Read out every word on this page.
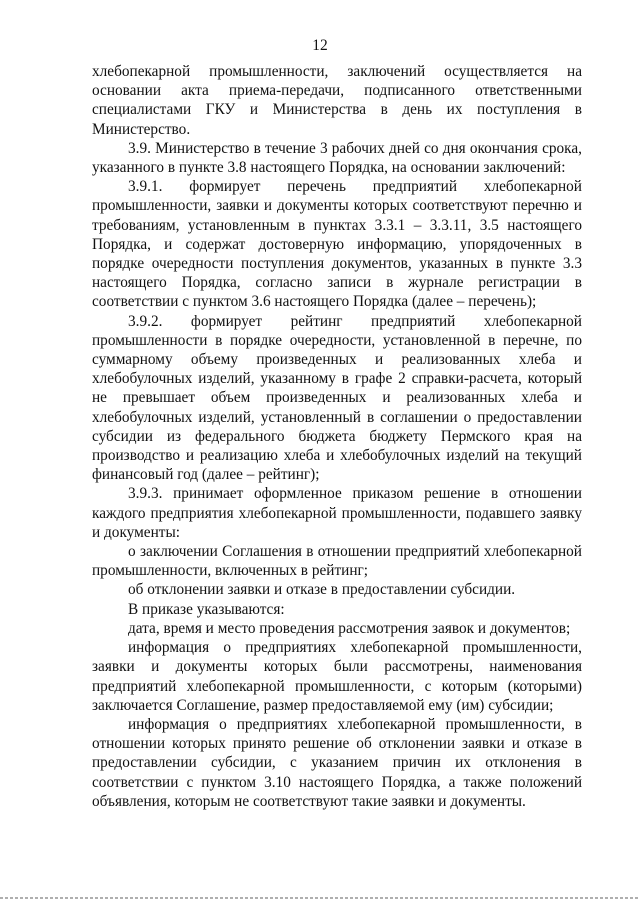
12

хлебопекарной промышленности, заключений осуществляется на основании акта приема-передачи, подписанного ответственными специалистами ГКУ и Министерства в день их поступления в Министерство.

3.9. Министерство в течение 3 рабочих дней со дня окончания срока, указанного в пункте 3.8 настоящего Порядка, на основании заключений:

3.9.1. формирует перечень предприятий хлебопекарной промышленности, заявки и документы которых соответствуют перечню и требованиям, установленным в пунктах 3.3.1 – 3.3.11, 3.5 настоящего Порядка, и содержат достоверную информацию, упорядоченных в порядке очередности поступления документов, указанных в пункте 3.3 настоящего Порядка, согласно записи в журнале регистрации в соответствии с пунктом 3.6 настоящего Порядка (далее – перечень);

3.9.2. формирует рейтинг предприятий хлебопекарной промышленности в порядке очередности, установленной в перечне, по суммарному объему произведенных и реализованных хлеба и хлебобулочных изделий, указанному в графе 2 справки-расчета, который не превышает объем произведенных и реализованных хлеба и хлебобулочных изделий, установленный в соглашении о предоставлении субсидии из федерального бюджета бюджету Пермского края на производство и реализацию хлеба и хлебобулочных изделий на текущий финансовый год (далее – рейтинг);

3.9.3. принимает оформленное приказом решение в отношении каждого предприятия хлебопекарной промышленности, подавшего заявку и документы:

о заключении Соглашения в отношении предприятий хлебопекарной промышленности, включенных в рейтинг;

об отклонении заявки и отказе в предоставлении субсидии.

В приказе указываются:

дата, время и место проведения рассмотрения заявок и документов;

информация о предприятиях хлебопекарной промышленности, заявки и документы которых были рассмотрены, наименования предприятий хлебопекарной промышленности, с которым (которыми) заключается Соглашение, размер предоставляемой ему (им) субсидии;

информация о предприятиях хлебопекарной промышленности, в отношении которых принято решение об отклонении заявки и отказе в предоставлении субсидии, с указанием причин их отклонения в соответствии с пунктом 3.10 настоящего Порядка, а также положений объявления, которым не соответствуют такие заявки и документы.
